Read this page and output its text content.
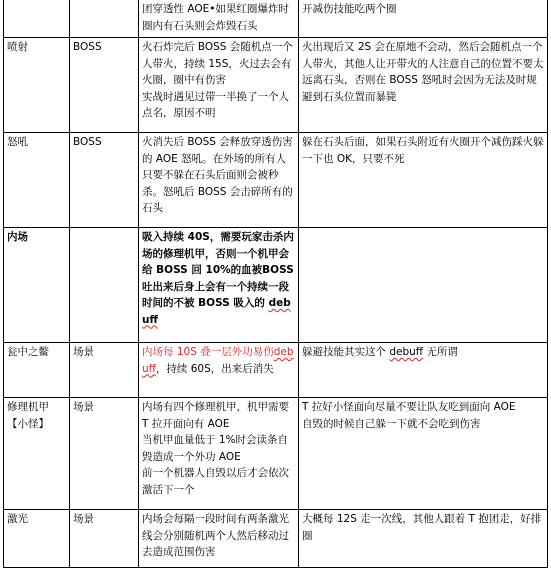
		团穿透性 AOE•如果红圈爆炸时圈内有石头则会炸毁石头	开减伤技能吃两个圈

喷射	BOSS	火石炸完后 BOSS 会随机点一个人带火，持续 15S，火过去会有火圈，圈中有伤害
实战时遇见过带一半换了一个人点名，原因不明	火出现后又 2S 会在原地不会动，然后会随机点一个人带火，其他人让开带火的人注意自己的位置不要太远离石头，否则在 BOSS 怒吼时会因为无法及时规避到石头位置而暴毙

怒吼	BOSS	火消失后 BOSS 会释放穿透伤害的 AOE 怒吼。在外场的所有人只要不躲在石头后面则会被秒杀。怒吼后 BOSS 会击碎所有的石头	躲在石头后面，如果石头附近有火圈开个减伤踩火躲一下也 OK，只要不死

内场		吸入持续 40S，需要玩家击杀内场的修理机甲，否则一个机甲会给 BOSS 回 10%的血被BOSS 吐出来后身上会有一个持续一段时间的不被 BOSS 吸入的 debuff	
瓮中之鳖	场景	内场每 10S 叠一层外功易伤debuff，持续 60S，出来后消失	躲避技能其实这个 debuff 无所谓
修理机甲【小怪】	场景	内场有四个修理机甲，机甲需要 T 拉开面向有 AOE
当机甲血量低于 1%时会读条自毁造成一个外功 AOE
前一个机器人自毁以后才会依次激活下一个	T 拉好小怪面向尽量不要让队友吃到面向 AOE
自毁的时候自己躲一下就不会吃到伤害

激光	场景	内场会每隔一段时间有两条激光线会分别随机两个人然后移动过去造成范围伤害	大概每 12S 走一次线，其他人跟着 T 抱团走，好排圈
